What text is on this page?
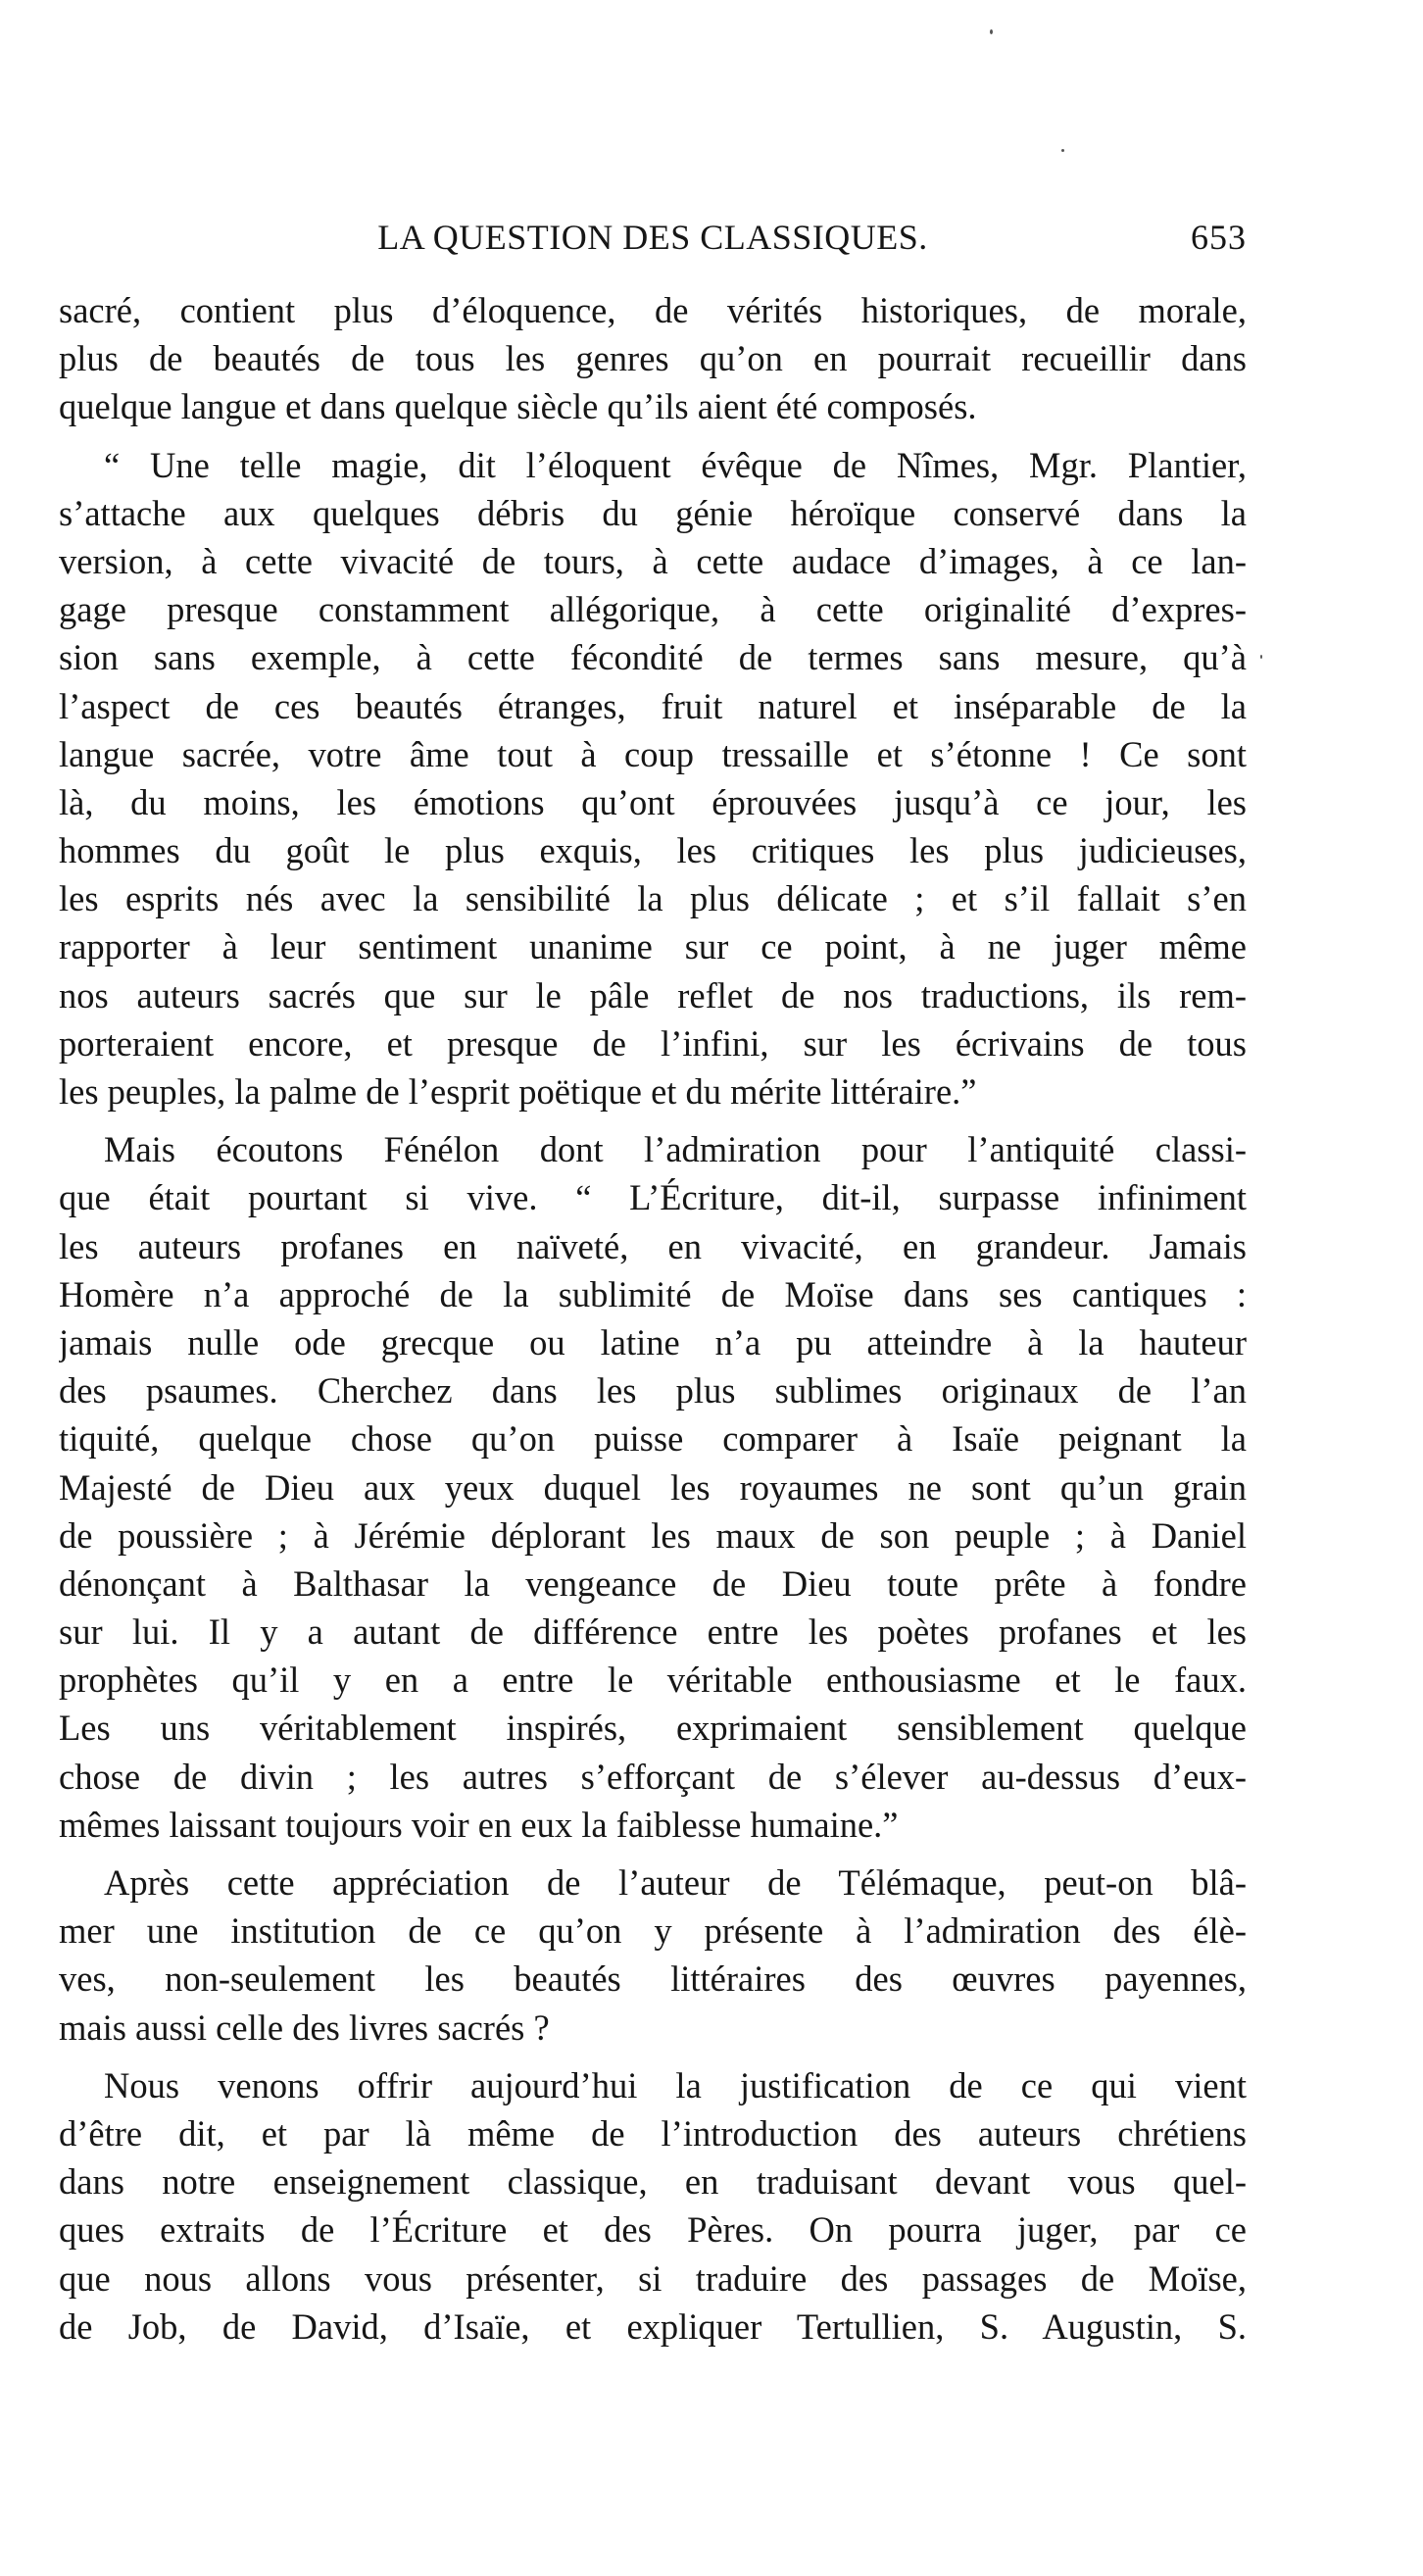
LA QUESTION DES CLASSIQUES.	653
sacré, contient plus d’éloquence, de vérités historiques, de morale,
plus de beautés de tous les genres qu’on en pourrait recueillir dans
quelque langue et dans quelque siècle qu’ils aient été composés.
“ Une telle magie, dit l’éloquent évêque de Nîmes, Mgr. Plantier,
s’attache aux quelques débris du génie héroïque conservé dans la
version, à cette vivacité de tours, à cette audace d’images, à ce lan-
gage presque constamment allégorique, à cette originalité d’expres-
sion sans exemple, à cette fécondité de termes sans mesure, qu’à
l’aspect de ces beautés étranges, fruit naturel et inséparable de la
langue sacrée, votre âme tout à coup tressaille et s’étonne ! Ce sont
là, du moins, les émotions qu’ont éprouvées jusqu’à ce jour, les
hommes du goût le plus exquis, les critiques les plus judicieuses,
les esprits nés avec la sensibilité la plus délicate ; et s’il fallait s’en
rapporter à leur sentiment unanime sur ce point, à ne juger même
nos auteurs sacrés que sur le pâle reflet de nos traductions, ils rem-
porteraient encore, et presque de l’infini, sur les écrivains de tous
les peuples, la palme de l’esprit poëtique et du mérite littéraire.”
Mais écoutons Fénélon dont l’admiration pour l’antiquité classi-
que était pourtant si vive. “ L’Écriture, dit-il, surpasse infiniment
les auteurs profanes en naïveté, en vivacité, en grandeur. Jamais
Homère n’a approché de la sublimité de Moïse dans ses cantiques :
jamais nulle ode grecque ou latine n’a pu atteindre à la hauteur
des psaumes. Cherchez dans les plus sublimes originaux de l’an
tiquité, quelque chose qu’on puisse comparer à Isaïe peignant la
Majesté de Dieu aux yeux duquel les royaumes ne sont qu’un grain
de poussière ; à Jérémie déplorant les maux de son peuple ; à Daniel
dénonçant à Balthasar la vengeance de Dieu toute prête à fondre
sur lui. Il y a autant de différence entre les poètes profanes et les
prophètes qu’il y en a entre le véritable enthousiasme et le faux.
Les uns véritablement inspirés, exprimaient sensiblement quelque
chose de divin ; les autres s’efforçant de s’élever au-dessus d’eux-
mêmes laissant toujours voir en eux la faiblesse humaine.”
Après cette appréciation de l’auteur de Télémaque, peut-on blâ-
mer une institution de ce qu’on y présente à l’admiration des élè-
ves, non-seulement les beautés littéraires des œuvres payennes,
mais aussi celle des livres sacrés ?
Nous venons offrir aujourd’hui la justification de ce qui vient
d’être dit, et par là même de l’introduction des auteurs chrétiens
dans notre enseignement classique, en traduisant devant vous quel-
ques extraits de l’Écriture et des Pères. On pourra juger, par ce
que nous allons vous présenter, si traduire des passages de Moïse,
de Job, de David, d’Isaïe, et expliquer Tertullien, S. Augustin, S.
